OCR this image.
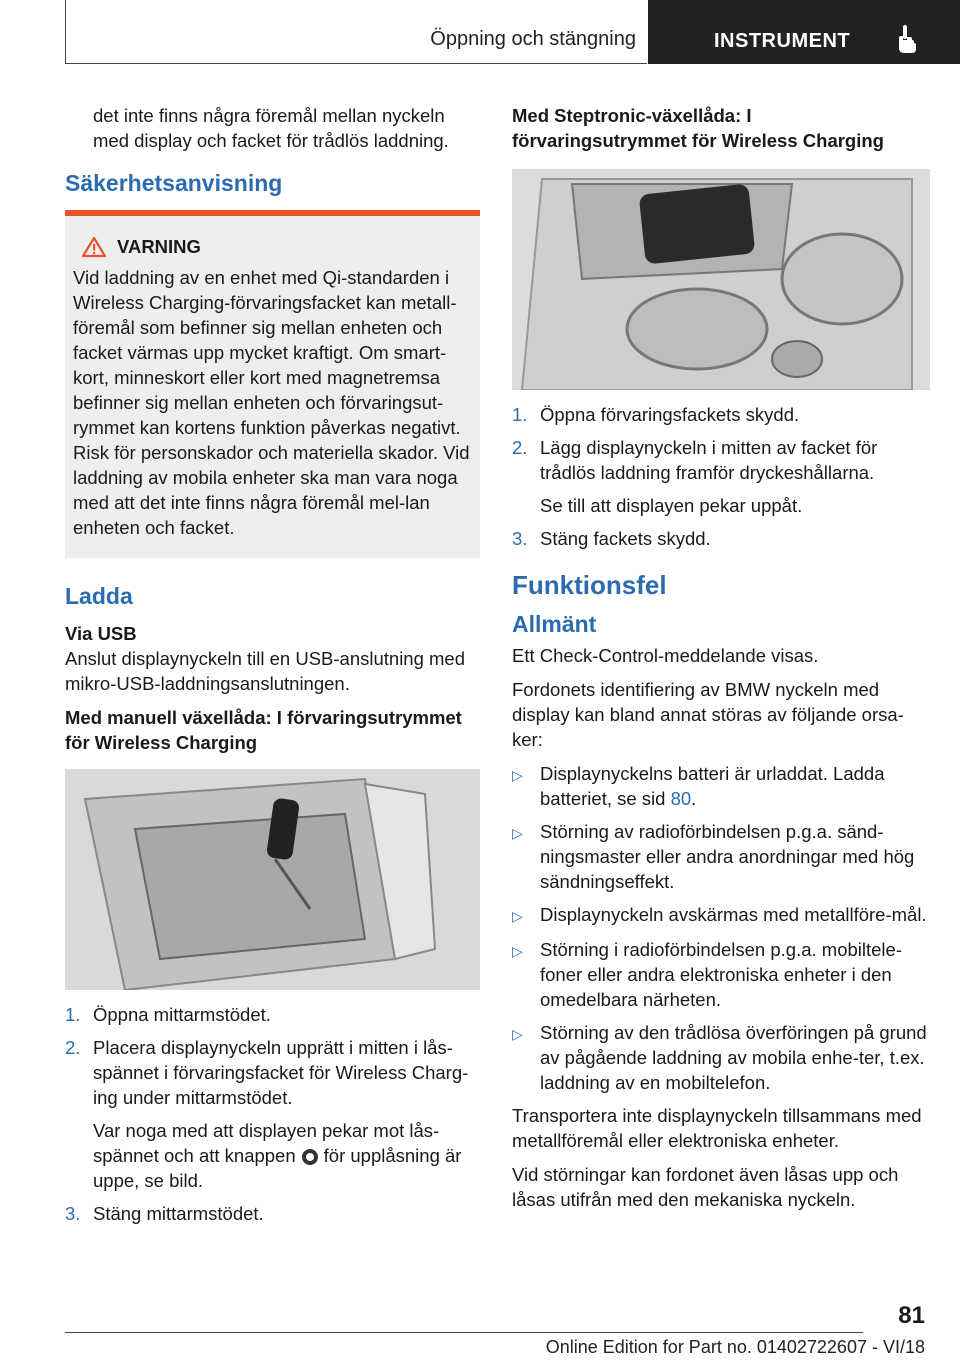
Öppning och stängning	INSTRUMENT
det inte finns några föremål mellan nyckeln med display och facket för trådlös laddning.
Säkerhetsanvisning
VARNING
Vid laddning av en enhet med Qi-standarden i Wireless Charging-förvaringsfacket kan metall-föremål som befinner sig mellan enheten och facket värmas upp mycket kraftigt. Om smart-kort, minneskort eller kort med magnetremsa befinner sig mellan enheten och förvaringsut-rymmet kan kortens funktion påverkas negativt. Risk för personskador och materiella skador. Vid laddning av mobila enheter ska man vara noga med att det inte finns några föremål mel-lan enheten och facket.
Ladda
Via USB
Anslut displaynyckeln till en USB-anslutning med mikro-USB-laddningsanslutningen.
Med manuell växellåda: I förvaringsutrymmet för Wireless Charging
1. Öppna mittarmstödet.
2. Placera displaynyckeln upprätt i mitten i lås-spännet i förvaringsfacket för Wireless Charg-ing under mittarmstödet.
Var noga med att displayen pekar mot lås-spännet och att knappen för upplåsning är uppe, se bild.
3. Stäng mittarmstödet.
Med Steptronic-växellåda: I förvaringsutrymmet för Wireless Charging
1. Öppna förvaringsfackets skydd.
2. Lägg displaynyckeln i mitten av facket för trådlös laddning framför dryckeshållarna.
Se till att displayen pekar uppåt.
3. Stäng fackets skydd.
Funktionsfel
Allmänt
Ett Check-Control-meddelande visas.
Fordonets identifiering av BMW nyckeln med display kan bland annat störas av följande orsa-ker:
▷ Displaynyckelns batteri är urladdat. Ladda batteriet, se sid 80.
▷ Störning av radioförbindelsen p.g.a. sänd-ningsmaster eller andra anordningar med hög sändningseffekt.
▷ Displaynyckeln avskärmas med metallföre-mål.
▷ Störning i radioförbindelsen p.g.a. mobiltele-foner eller andra elektroniska enheter i den omedelbara närheten.
▷ Störning av den trådlösa överföringen på grund av pågående laddning av mobila enhe-ter, t.ex. laddning av en mobiltelefon.
Transportera inte displaynyckeln tillsammans med metallföremål eller elektroniska enheter.
Vid störningar kan fordonet även låsas upp och låsas utifrån med den mekaniska nyckeln.
81
Online Edition for Part no. 01402722607 - VI/18
